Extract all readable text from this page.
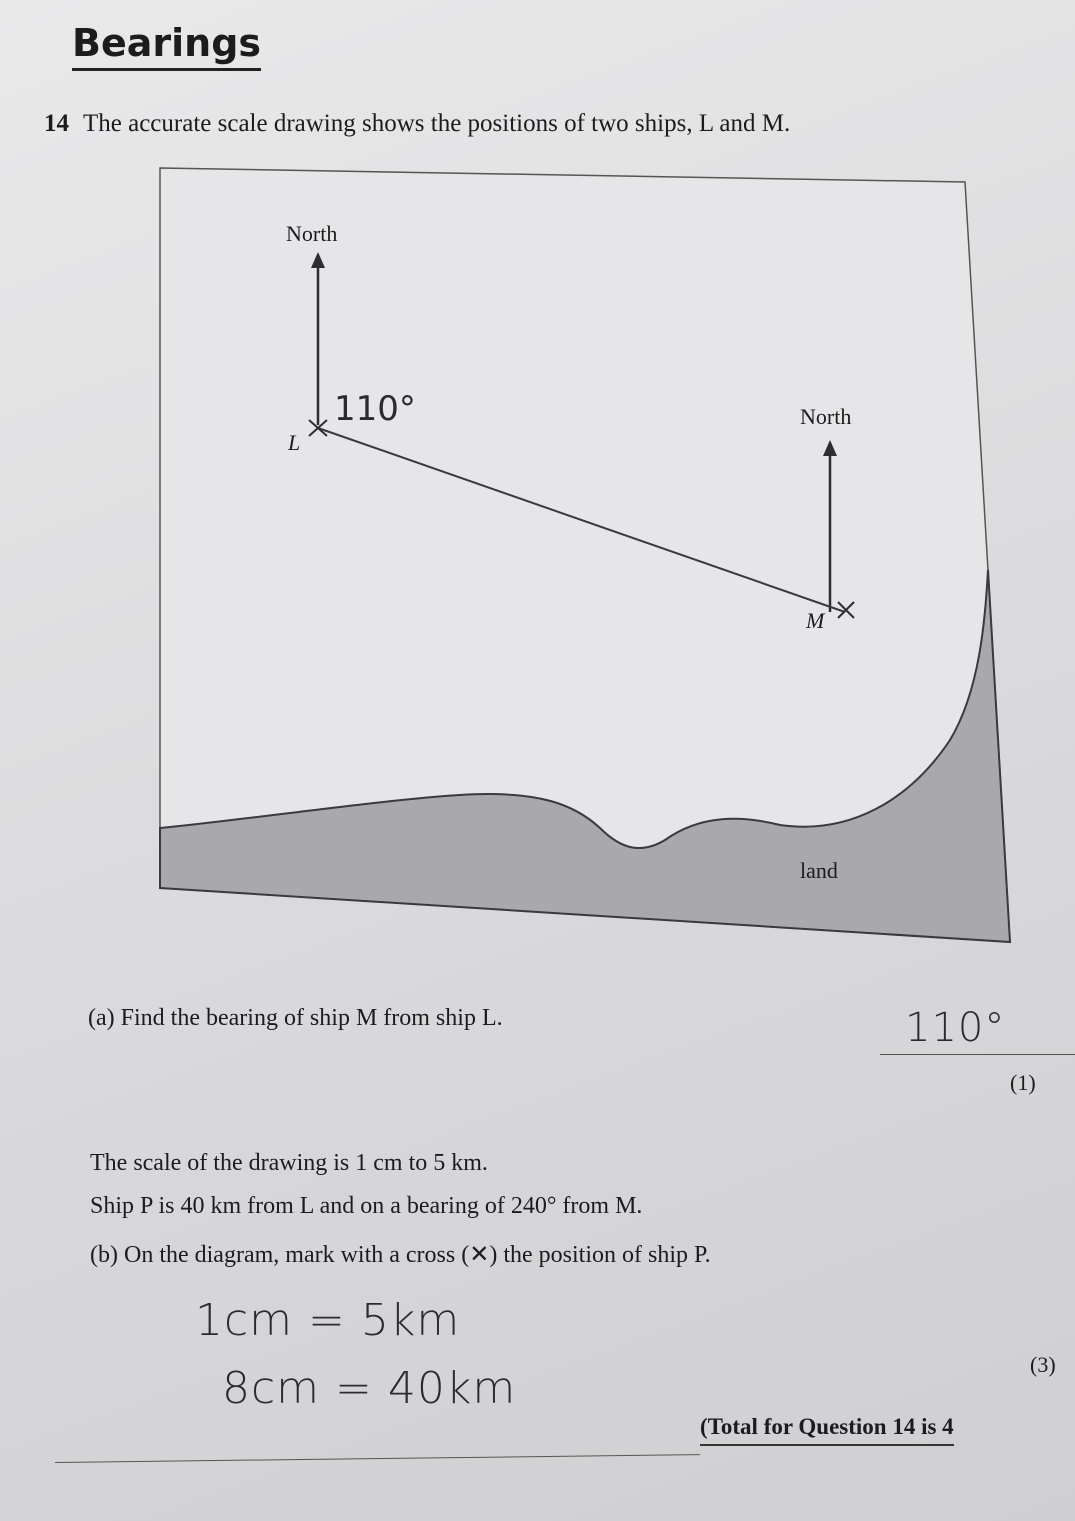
Bearings
14 The accurate scale drawing shows the positions of two ships, L and M.
North
North
L
M
land
110°
(a) Find the bearing of ship M from ship L.	110°
(1)
The scale of the drawing is 1 cm to 5 km.
Ship P is 40 km from L and on a bearing of 240° from M.
(b) On the diagram, mark with a cross (✕) the position of ship P.
1cm = 5km
8cm = 40km	(3)
(Total for Question 14 is 4
